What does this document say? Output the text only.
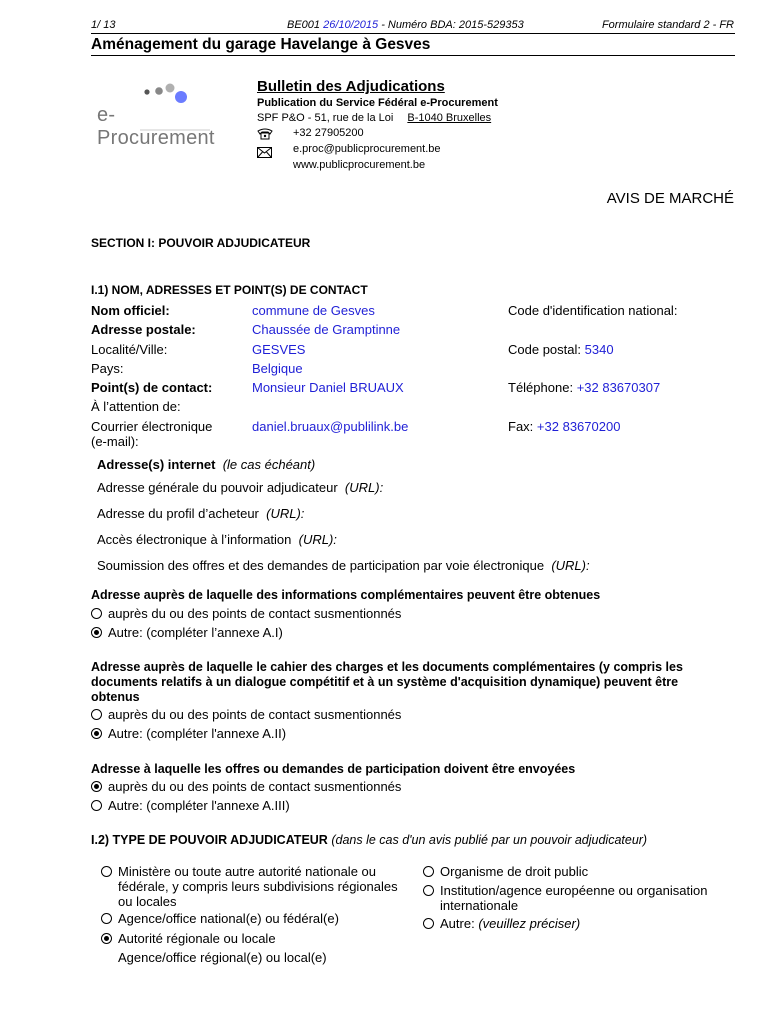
1/ 13	BE001 26/10/2015 - Numéro BDA: 2015-529353	Formulaire standard 2 - FR
Aménagement du garage Havelange à Gesves
e-Procurement
Bulletin des Adjudications
Publication du Service Fédéral e-Procurement
SPF P&O - 51, rue de la Loi B-1040 Bruxelles
+32 27905200
e.proc@publicprocurement.be
www.publicprocurement.be
AVIS DE MARCHÉ
SECTION I: POUVOIR ADJUDICATEUR
I.1) NOM, ADRESSES ET POINT(S) DE CONTACT
Nom officiel:	commune de Gesves	Code d'identification national:
Adresse postale:	Chaussée de Gramptinne
Localité/Ville:	GESVES	Code postal: 5340
Pays:	Belgique
Point(s) de contact:	Monsieur Daniel BRUAUX	Téléphone: +32 83670307
À l’attention de:
Courrier électronique
(e-mail):
daniel.bruaux@publilink.be	Fax: +32 83670200
Adresse(s) internet (le cas échéant)
Adresse générale du pouvoir adjudicateur (URL):
Adresse du profil d’acheteur (URL):
Accès électronique à l’information (URL):
Soumission des offres et des demandes de participation par voie électronique (URL):
Adresse auprès de laquelle des informations complémentaires peuvent être obtenues
auprès du ou des points de contact susmentionnés
Autre: (compléter l’annexe A.I)
Adresse auprès de laquelle le cahier des charges et les documents complémentaires (y compris les
documents relatifs à un dialogue compétitif et à un système d'acquisition dynamique) peuvent être
obtenus
auprès du ou des points de contact susmentionnés
Autre: (compléter l'annexe A.II)
Adresse à laquelle les offres ou demandes de participation doivent être envoyées
auprès du ou des points de contact susmentionnés
Autre: (compléter l'annexe A.III)
I.2) TYPE DE POUVOIR ADJUDICATEUR (dans le cas d'un avis publié par un pouvoir adjudicateur)
Ministère ou toute autre autorité nationale ou
fédérale, y compris leurs subdivisions régionales
ou locales
Agence/office national(e) ou fédéral(e)
Autorité régionale ou locale
Agence/office régional(e) ou local(e)
Organisme de droit public
Institution/agence européenne ou organisation
internationale
Autre: (veuillez préciser)
